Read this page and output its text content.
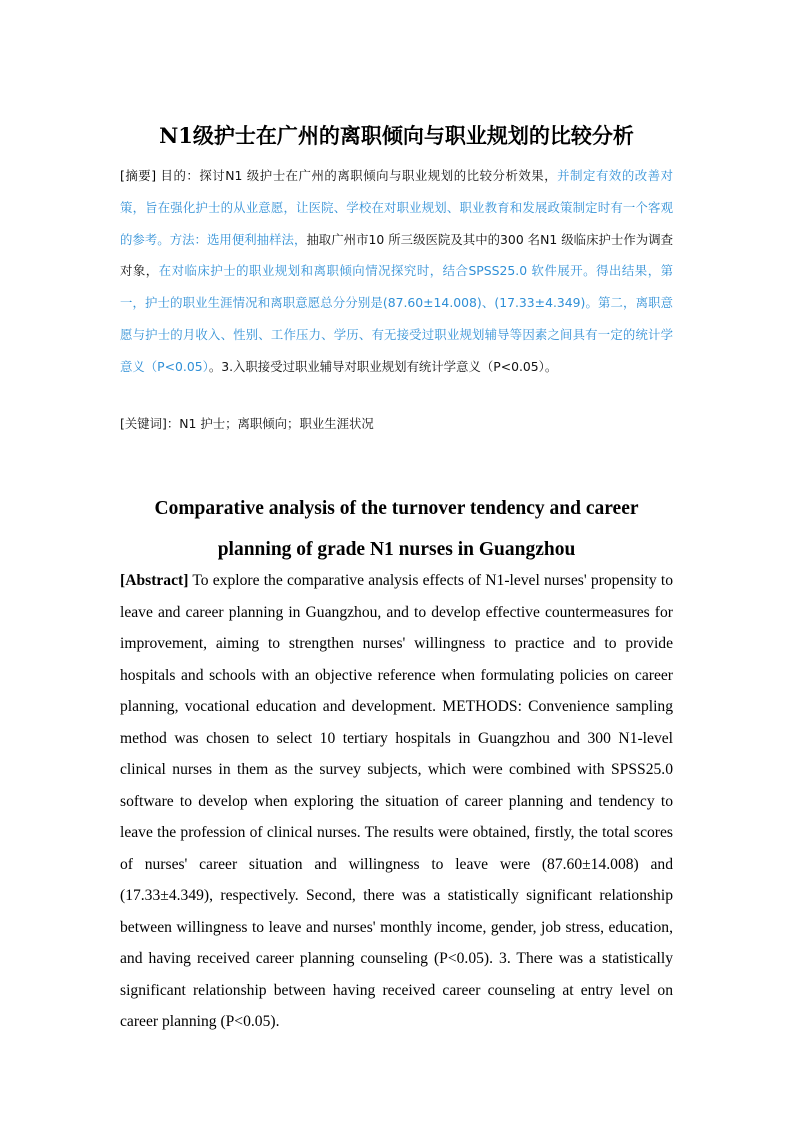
N1级护士在广州的离职倾向与职业规划的比较分析
[摘要] 目的：探讨N1 级护士在广州的离职倾向与职业规划的比较分析效果，并制定有效的改善对策，旨在强化护士的从业意愿，让医院、学校在对职业规划、职业教育和发展政策制定时有一个客观的参考。方法：选用便利抽样法，抽取广州市10 所三级医院及其中的300 名N1 级临床护士作为调查对象，在对临床护士的职业规划和离职倾向情况探究时，结合SPSS25.0 软件展开。得出结果，第一，护士的职业生涯情况和离职意愿总分分别是(87.60±14.008)、(17.33±4.349)。第二，离职意愿与护士的月收入、性别、工作压力、学历、有无接受过职业规划辅导等因素之间具有一定的统计学意义（P<0.05）。3.入职接受过职业辅导对职业规划有统计学意义（P<0.05）。
[关键词]：N1 护士；离职倾向；职业生涯状况
Comparative analysis of the turnover tendency and career
planning of grade N1 nurses in Guangzhou
[Abstract] To explore the comparative analysis effects of N1-level nurses' propensity to leave and career planning in Guangzhou, and to develop effective countermeasures for improvement, aiming to strengthen nurses' willingness to practice and to provide hospitals and schools with an objective reference when formulating policies on career planning, vocational education and development. METHODS: Convenience sampling method was chosen to select 10 tertiary hospitals in Guangzhou and 300 N1-level clinical nurses in them as the survey subjects, which were combined with SPSS25.0 software to develop when exploring the situation of career planning and tendency to leave the profession of clinical nurses. The results were obtained, firstly, the total scores of nurses' career situation and willingness to leave were (87.60±14.008) and (17.33±4.349), respectively. Second, there was a statistically significant relationship between willingness to leave and nurses' monthly income, gender, job stress, education, and having received career planning counseling (P<0.05). 3. There was a statistically significant relationship between having received career counseling at entry level on career planning (P<0.05).
